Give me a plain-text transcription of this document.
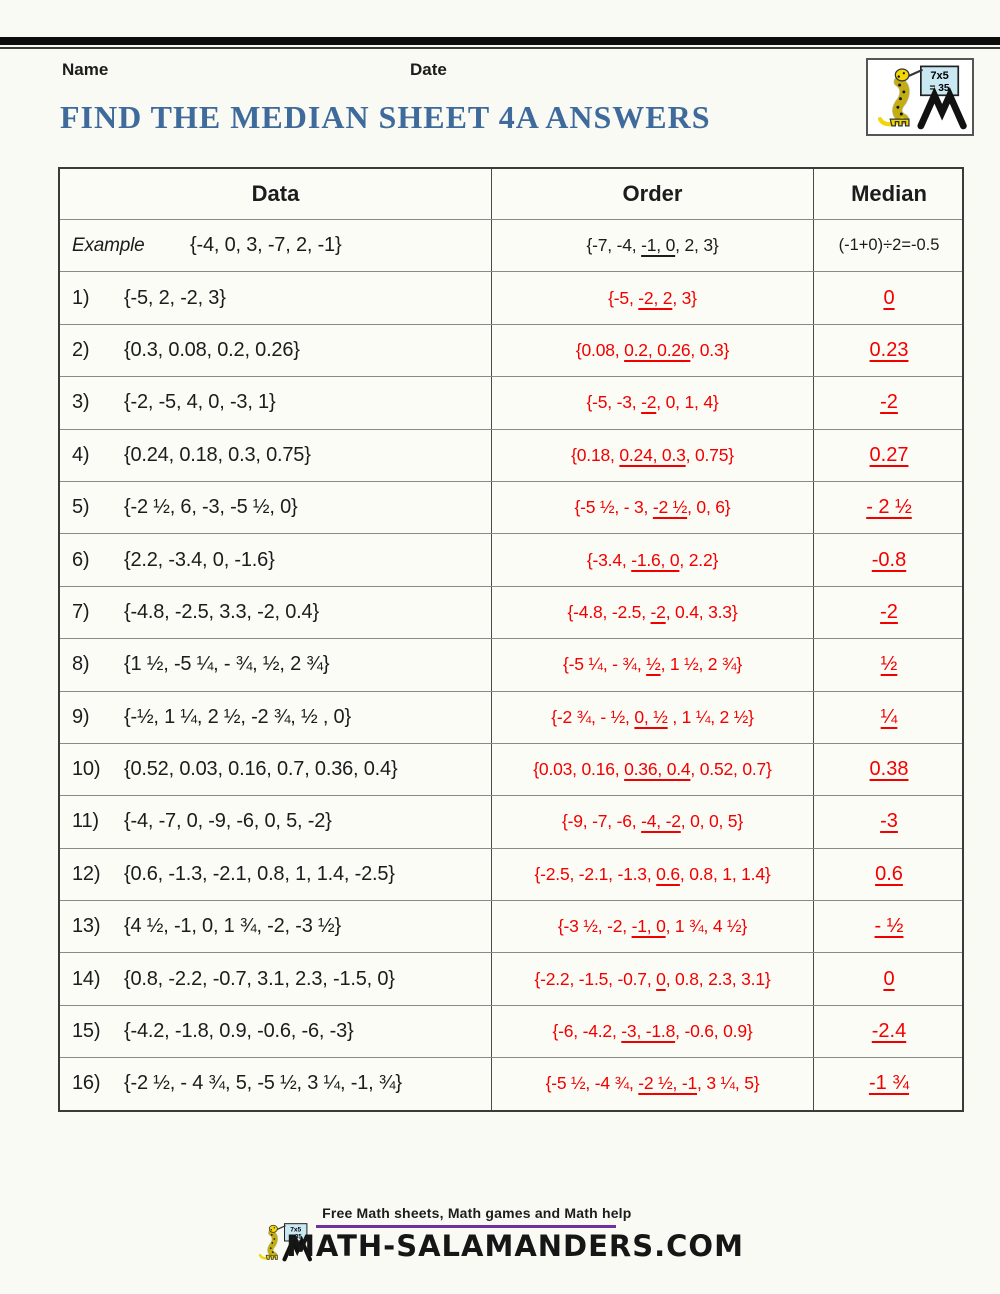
Name	Date
FIND THE MEDIAN SHEET 4A ANSWERS
Data	Order	Median
Example	{-4, 0, 3, -7, 2, -1}	{-7, -4, -1, 0, 2, 3}	(-1+0)÷2=-0.5
1)	{-5, 2, -2, 3}	{-5, -2, 2, 3}	0
2)	{0.3, 0.08, 0.2, 0.26}	{0.08, 0.2, 0.26, 0.3}	0.23
3)	{-2, -5, 4, 0, -3, 1}	{-5, -3, -2, 0, 1, 4}	-2
4)	{0.24, 0.18, 0.3, 0.75}	{0.18, 0.24, 0.3, 0.75}	0.27
5)	{-2 ½, 6, -3, -5 ½, 0}	{-5 ½, - 3, -2 ½, 0, 6}	- 2 ½
6)	{2.2, -3.4, 0, -1.6}	{-3.4, -1.6, 0, 2.2}	-0.8
7)	{-4.8, -2.5, 3.3, -2, 0.4}	{-4.8, -2.5, -2, 0.4, 3.3}	-2
8)	{1 ½, -5 ¼, - ¾, ½, 2 ¾}	{-5 ¼, - ¾, ½, 1 ½, 2 ¾}	½
9)	{-½, 1 ¼, 2 ½, -2 ¾, ½ , 0}	{-2 ¾, - ½, 0, ½ , 1 ¼, 2 ½}	¼
10)	{0.52, 0.03, 0.16, 0.7, 0.36, 0.4}	{0.03, 0.16, 0.36, 0.4, 0.52, 0.7}	0.38
11)	{-4, -7, 0, -9, -6, 0, 5, -2}	{-9, -7, -6, -4, -2, 0, 0, 5}	-3
12)	{0.6, -1.3, -2.1, 0.8, 1, 1.4, -2.5}	{-2.5, -2.1, -1.3, 0.6, 0.8, 1, 1.4}	0.6
13)	{4 ½, -1, 0, 1 ¾, -2, -3 ½}	{-3 ½, -2, -1, 0, 1 ¾, 4 ½}	- ½
14)	{0.8, -2.2, -0.7, 3.1, 2.3, -1.5, 0}	{-2.2, -1.5, -0.7, 0, 0.8, 2.3, 3.1}	0
15)	{-4.2, -1.8, 0.9, -0.6, -6, -3}	{-6, -4.2, -3, -1.8, -0.6, 0.9}	-2.4
16)	{-2 ½, - 4 ¾, 5, -5 ½, 3 ¼, -1, ¾}	{-5 ½, -4 ¾, -2 ½, -1, 3 ¼, 5}	-1 ¾
Free Math sheets, Math games and Math help
MATH-SALAMANDERS.COM
